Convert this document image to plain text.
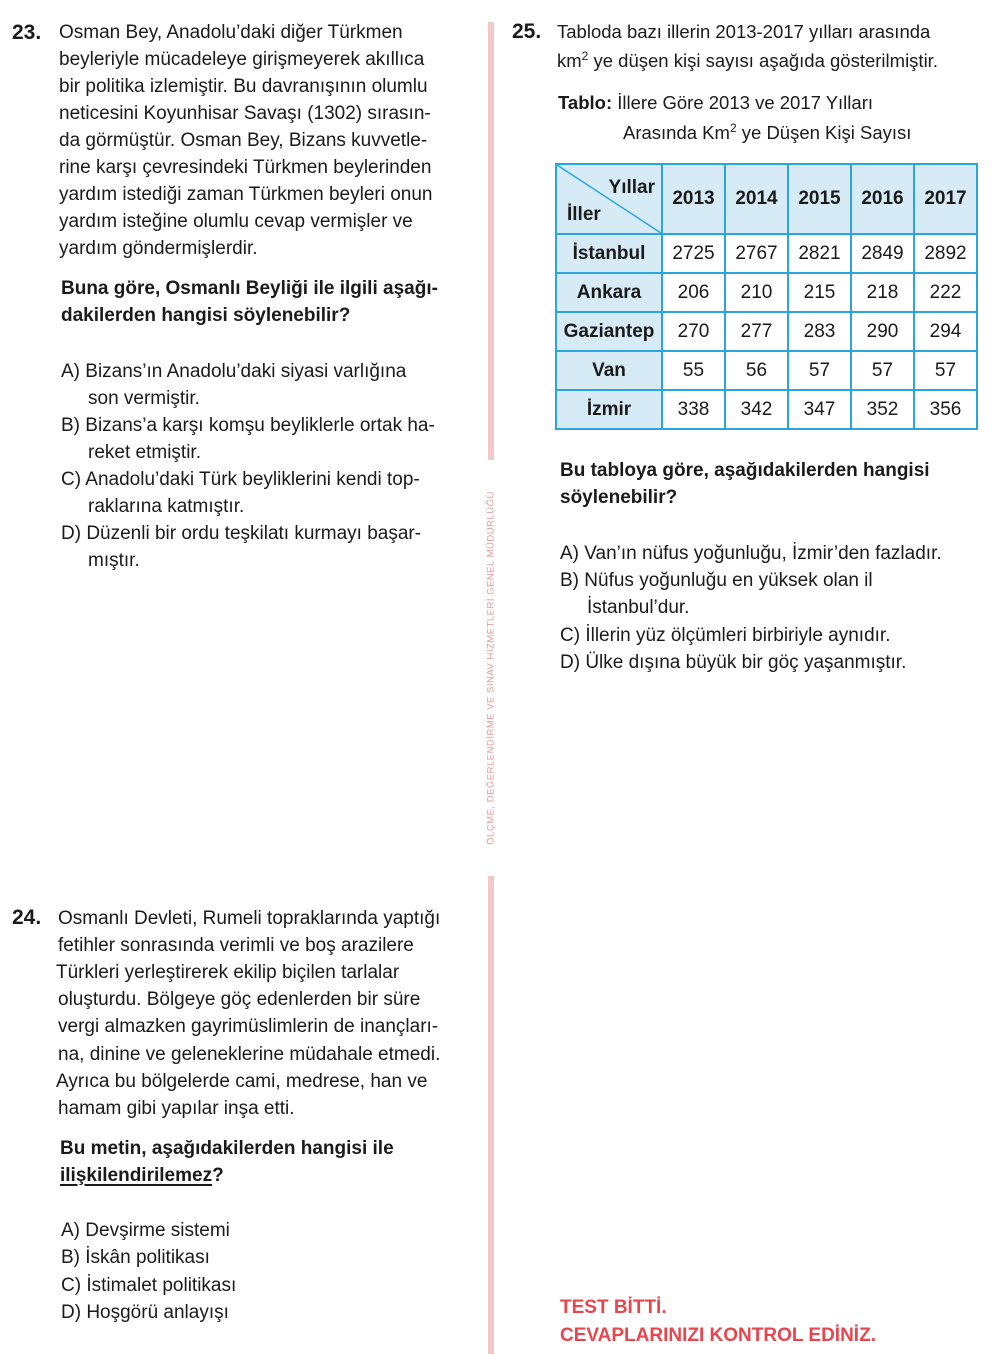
ÖLÇME, DEĞERLENDİRME VE SINAV HİZMETLERİ GENEL MÜDÜRLÜĞÜ
23. Osman Bey, Anadolu’daki diğer Türkmen
beyleriyle mücadeleye girişmeyerek akıllıca
bir politika izlemiştir. Bu davranışının olumlu
neticesini Koyunhisar Savaşı (1302) sırasın-
da görmüştür. Osman Bey, Bizans kuvvetle-
rine karşı çevresindeki Türkmen beylerinden
yardım istediği zaman Türkmen beyleri onun
yardım isteğine olumlu cevap vermişler ve
yardım göndermişlerdir.
Buna göre, Osmanlı Beyliği ile ilgili aşağı-
dakilerden hangisi söylenebilir?
A) Bizans’ın Anadolu’daki siyasi varlığına
son vermiştir.
B) Bizans’a karşı komşu beyliklerle ortak ha-
reket etmiştir.
C) Anadolu’daki Türk beyliklerini kendi top-
raklarına katmıştır.
D) Düzenli bir ordu teşkilatı kurmayı başar-
mıştır.
24. Osmanlı Devleti, Rumeli topraklarında yaptığı
fetihler sonrasında verimli ve boş arazilere
Türkleri yerleştirerek ekilip biçilen tarlalar
oluşturdu. Bölgeye göç edenlerden bir süre
vergi almazken gayrimüslimlerin de inançları-
na, dinine ve geleneklerine müdahale etmedi.
Ayrıca bu bölgelerde cami, medrese, han ve
hamam gibi yapılar inşa etti.
Bu metin, aşağıdakilerden hangisi ile
ilişkilendirilemez?
A) Devşirme sistemi
B) İskân politikası
C) İstimalet politikası
D) Hoşgörü anlayışı
25. Tabloda bazı illerin 2013-2017 yılları arasında
$km^2$ ye düşen kişi sayısı aşağıda gösterilmiştir.
Tablo: İllere Göre 2013 ve 2017 Yılları
Arasında Km$^2$ ye Düşen Kişi Sayısı
Yıllar
İller	2013	2014	2015	2016	2017
İstanbul	2725	2767	2821	2849	2892
Ankara	206	210	215	218	222
Gaziantep	270	277	283	290	294
Van	55	56	57	57	57
İzmir	338	342	347	352	356
Bu tabloya göre, aşağıdakilerden hangisi
söylenebilir?
A) Van’ın nüfus yoğunluğu, İzmir’den fazladır.
B) Nüfus yoğunluğu en yüksek olan il
İstanbul’dur.
C) İllerin yüz ölçümleri birbiriyle aynıdır.
D) Ülke dışına büyük bir göç yaşanmıştır.
TEST BİTTİ.
CEVAPLARINIZI KONTROL EDİNİZ.
